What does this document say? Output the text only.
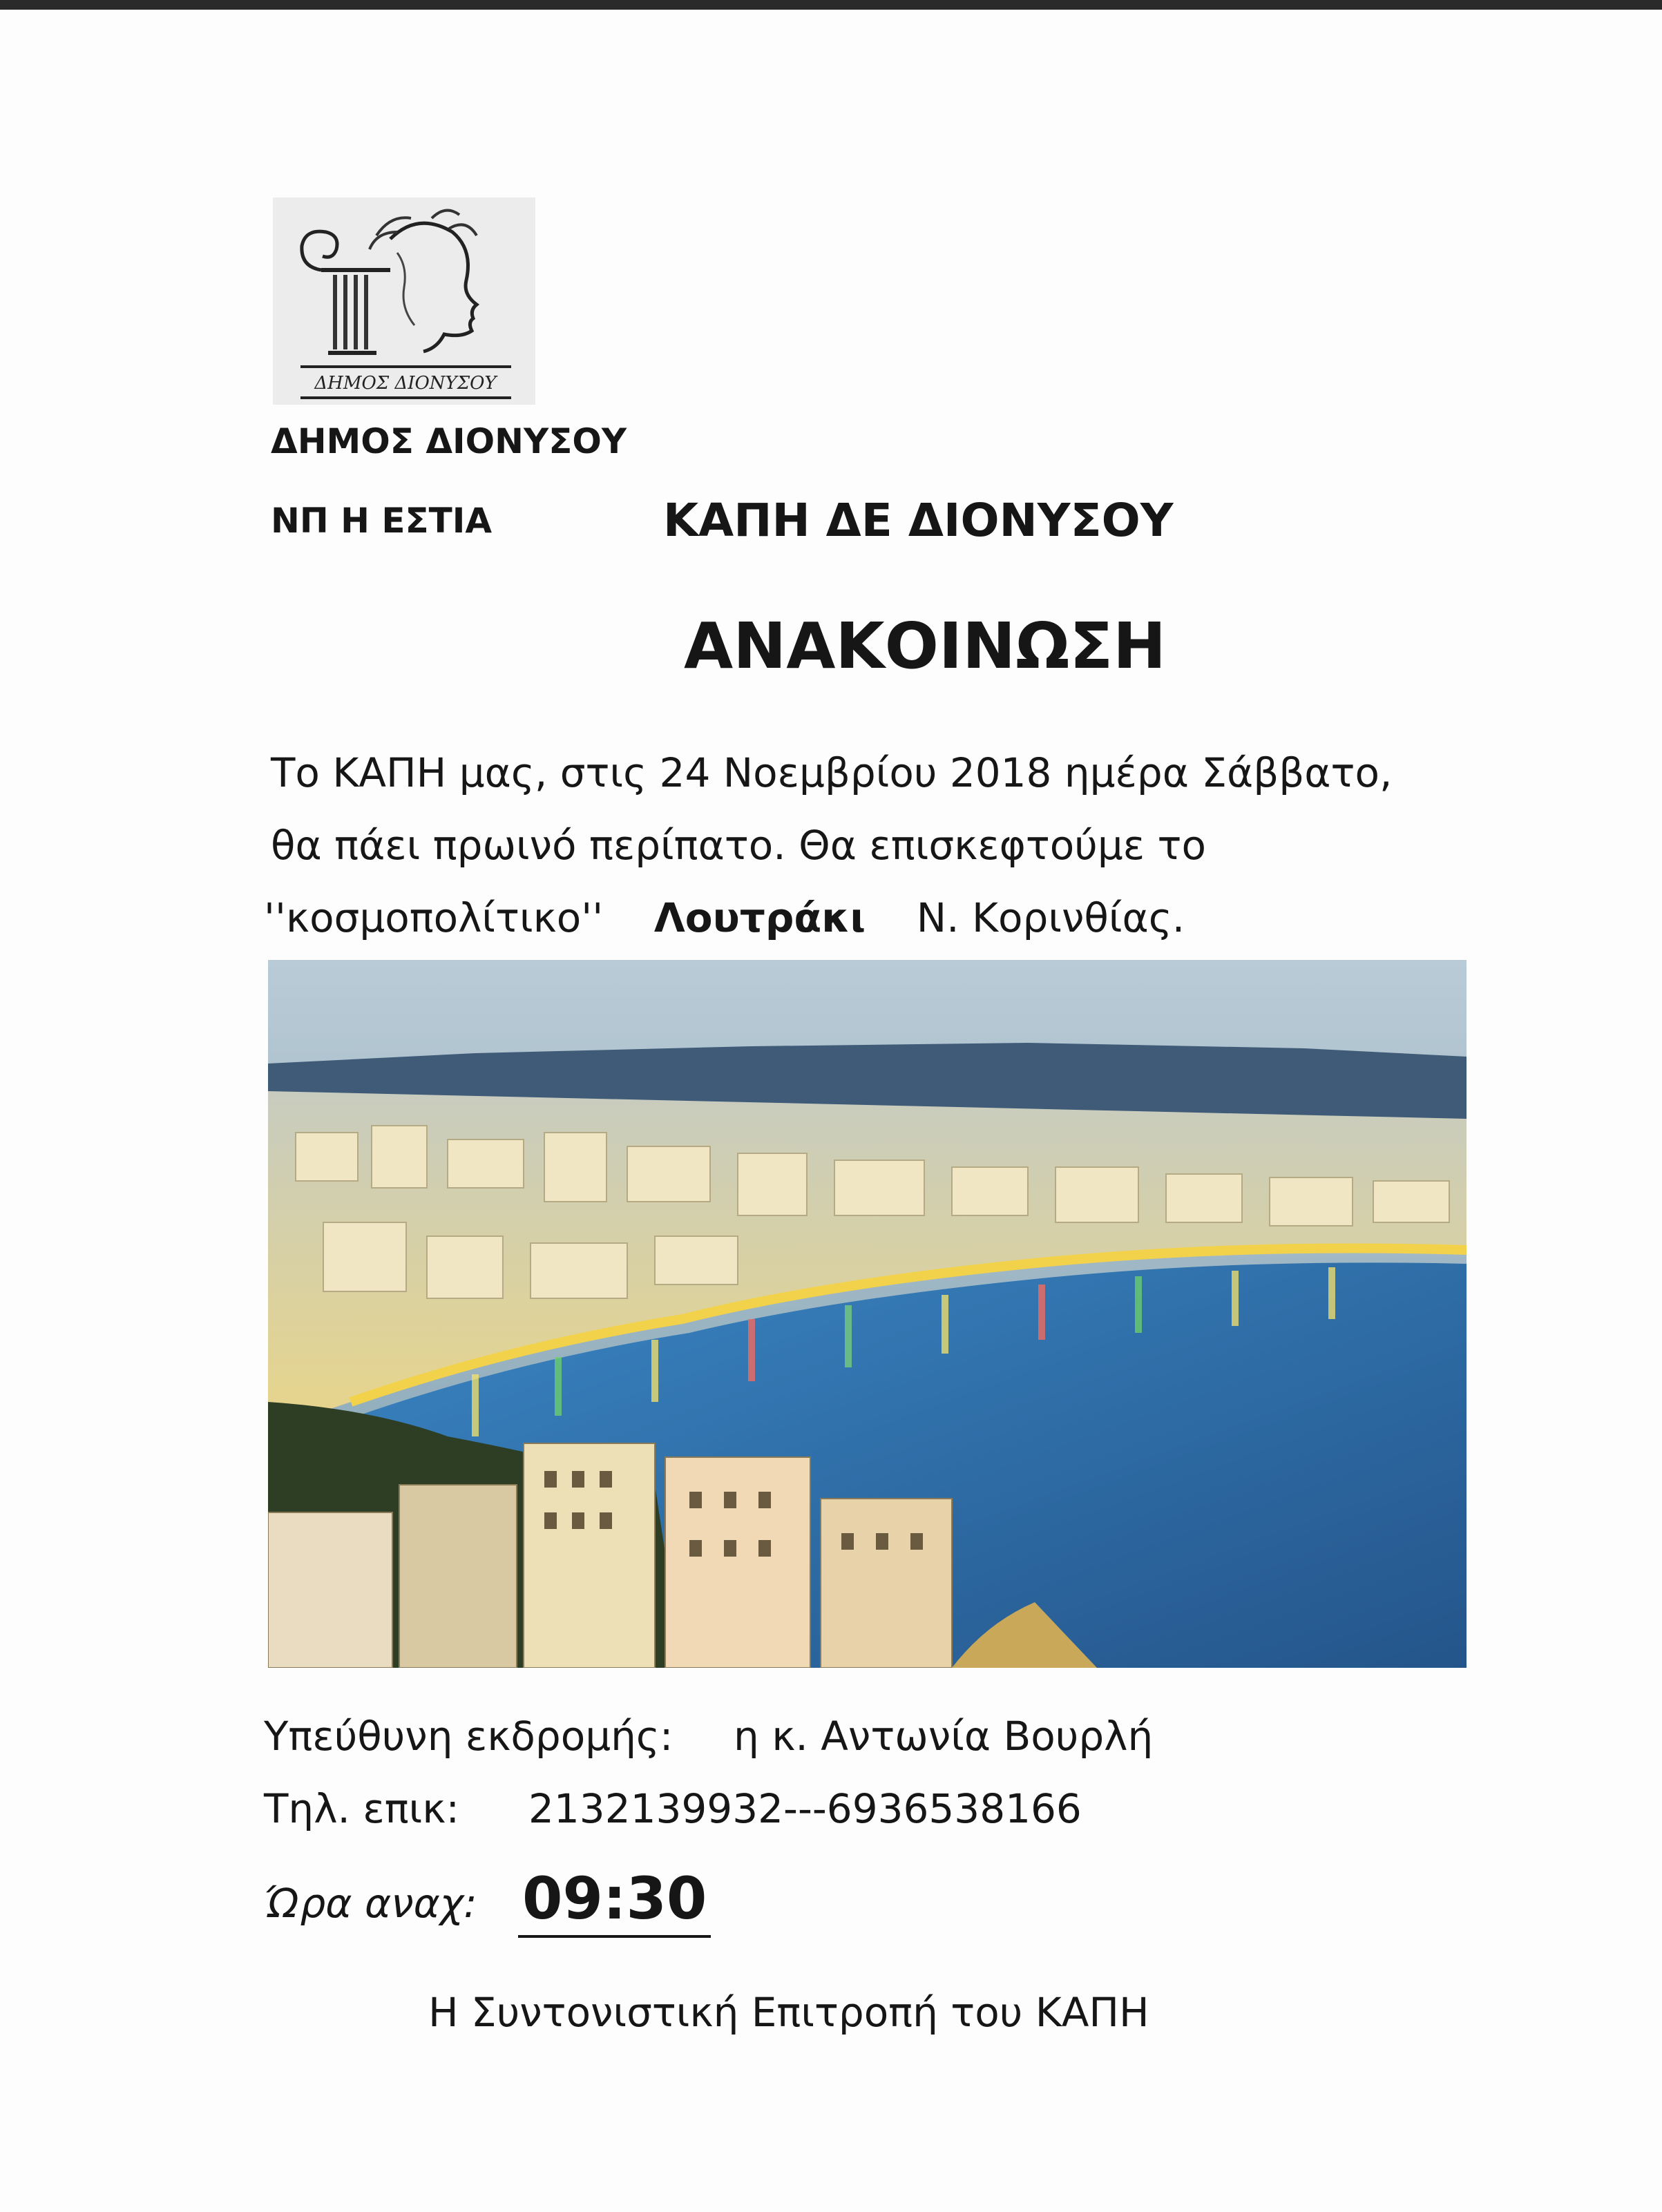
ΔΗΜΟΣ ΔΙΟΝΥΣΟΥ
ΔΗΜΟΣ ΔΙΟΝΥΣΟΥ
ΝΠ Η ΕΣΤΙΑ	ΚΑΠΗ ΔΕ ΔΙΟΝΥΣΟΥ
ΑΝΑΚΟΙΝΩΣΗ
Το ΚΑΠΗ μας, στις 24 Νοεμβρίου 2018 ημέρα Σάββατο,
θα πάει πρωινό περίπατο. Θα επισκεφτούμε το
''κοσμοπολίτικο'' Λουτράκι Ν. Κορινθίας.
Υπεύθυνη εκδρομής: η κ. Αντωνία Βουρλή
Τηλ. επικ: 2132139932---6936538166
Ώρα αναχ: 09:30
Η Συντονιστική Επιτροπή του ΚΑΠΗ
